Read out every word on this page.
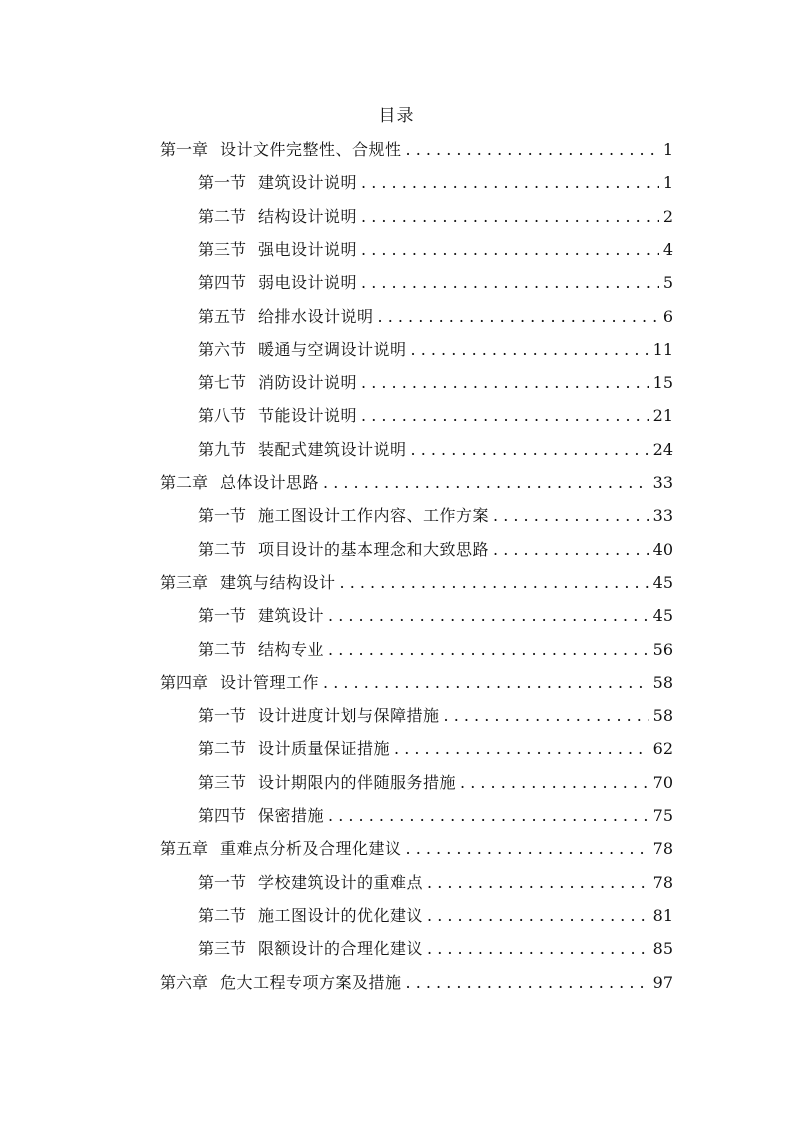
目录
第一章 设计文件完整性、合规性 . . .	1
第一节 建筑设计说明 . . .	1
第二节 结构设计说明 . . .	2
第三节 强电设计说明 . . .	4
第四节 弱电设计说明 . . .	5
第五节 给排水设计说明 . . .	6
第六节 暖通与空调设计说明 . . .	11
第七节 消防设计说明 . . .	15
第八节 节能设计说明 . . .	21
第九节 装配式建筑设计说明 . . .	24
第二章 总体设计思路 . . .	33
第一节 施工图设计工作内容、工作方案 . . .	33
第二节 项目设计的基本理念和大致思路 . . .	40
第三章 建筑与结构设计 . . .	45
第一节 建筑设计 . . .	45
第二节 结构专业 . . .	56
第四章 设计管理工作 . . .	58
第一节 设计进度计划与保障措施 . . .	58
第二节 设计质量保证措施 . . .	62
第三节 设计期限内的伴随服务措施 . . .	70
第四节 保密措施 . . .	75
第五章 重难点分析及合理化建议 . . .	78
第一节 学校建筑设计的重难点 . . .	78
第二节 施工图设计的优化建议 . . .	81
第三节 限额设计的合理化建议 . . .	85
第六章 危大工程专项方案及措施 . . .	97
